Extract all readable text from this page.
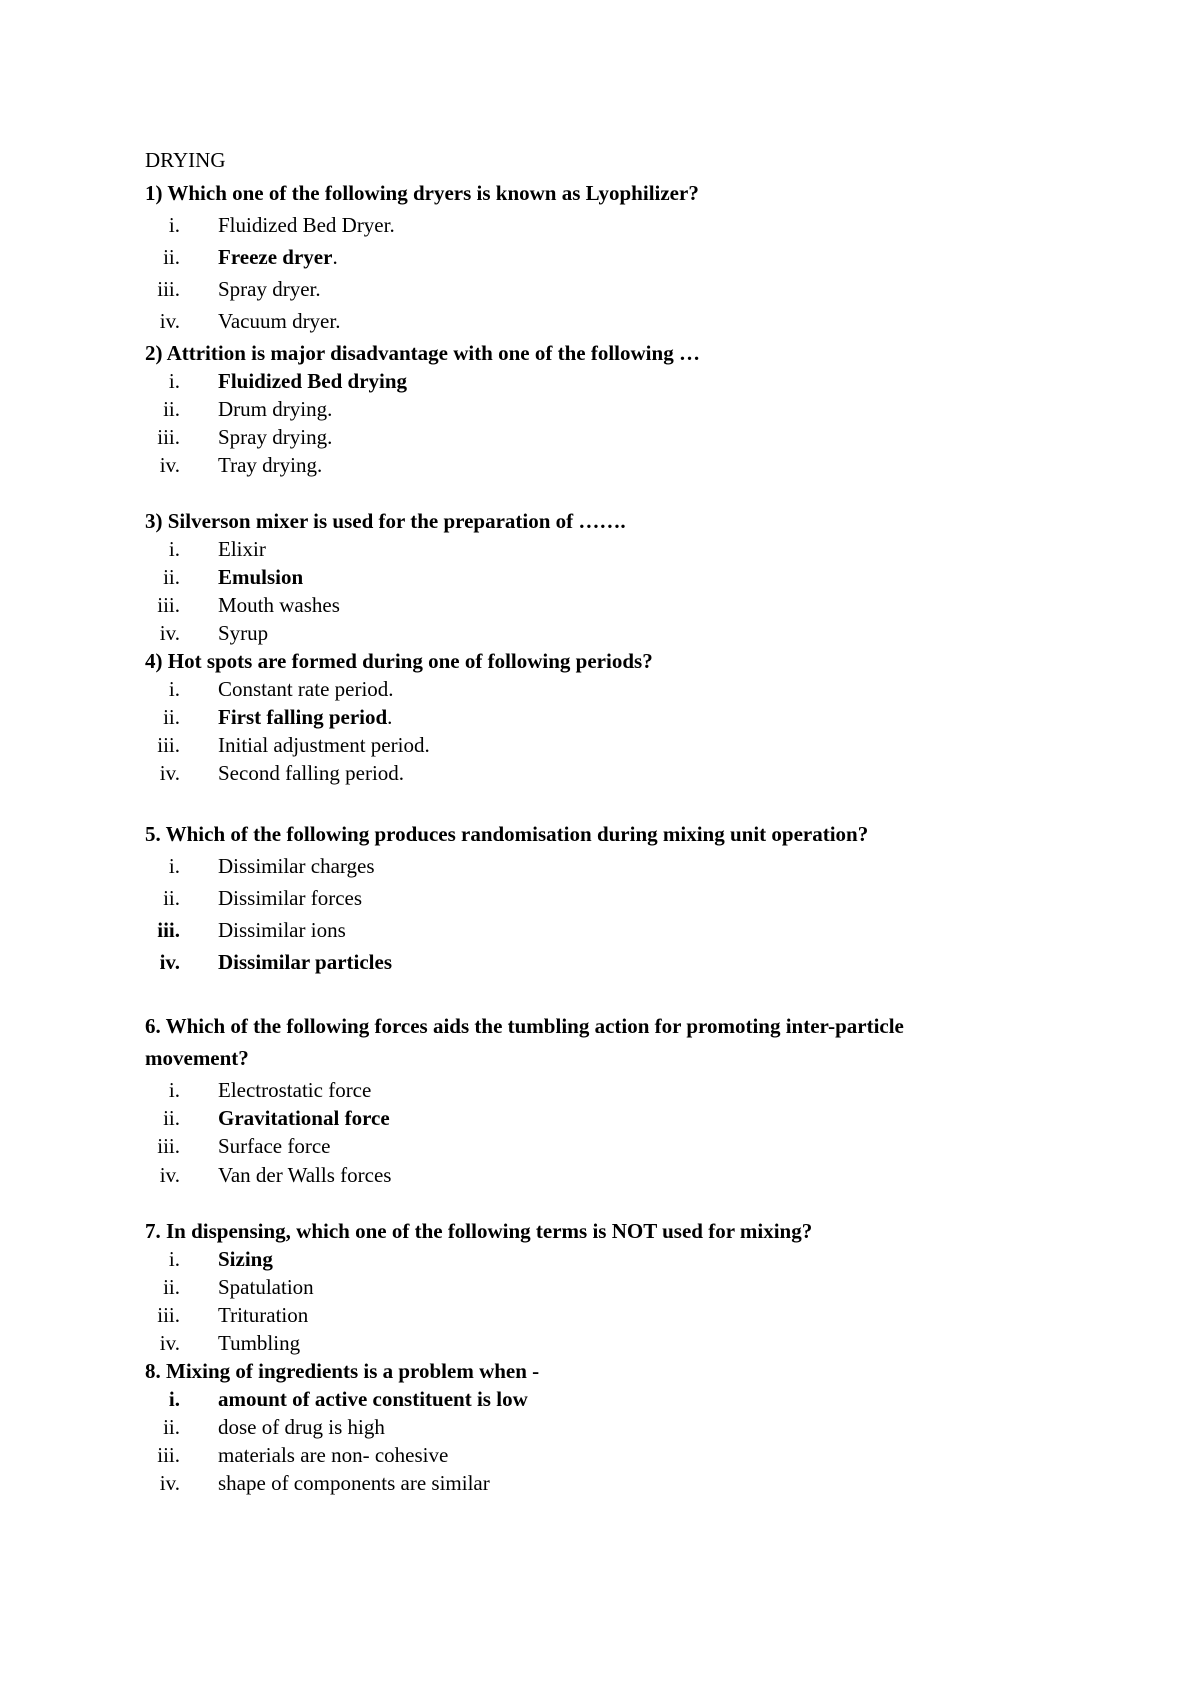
DRYING
1) Which one of the following dryers is known as Lyophilizer?
i. Fluidized Bed Dryer.
ii. Freeze dryer.
iii. Spray dryer.
iv. Vacuum dryer.
2) Attrition is major disadvantage with one of the following …
i. Fluidized Bed drying
ii. Drum drying.
iii. Spray drying.
iv. Tray drying.
3) Silverson mixer is used for the preparation of …….
i. Elixir
ii. Emulsion
iii. Mouth washes
iv. Syrup
4) Hot spots are formed during one of following periods?
i. Constant rate period.
ii. First falling period.
iii. Initial adjustment period.
iv. Second falling period.
5. Which of the following produces randomisation during mixing unit operation?
i. Dissimilar charges
ii. Dissimilar forces
iii. Dissimilar ions
iv. Dissimilar particles
6. Which of the following forces aids the tumbling action for promoting inter-particle
movement?
i. Electrostatic force
ii. Gravitational force
iii. Surface force
iv. Van der Walls forces
7. In dispensing, which one of the following terms is NOT used for mixing?
i. Sizing
ii. Spatulation
iii. Trituration
iv. Tumbling
8. Mixing of ingredients is a problem when -
i. amount of active constituent is low
ii. dose of drug is high
iii. materials are non- cohesive
iv. shape of components are similar
